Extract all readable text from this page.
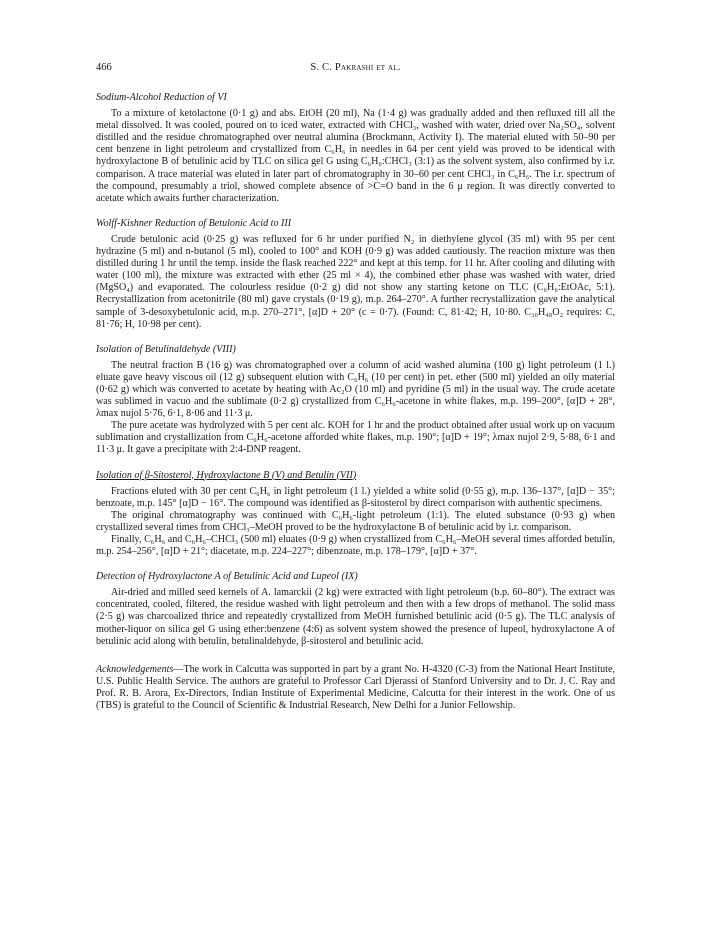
466	S. C. Pakrashi et al.
Sodium-Alcohol Reduction of VI

To a mixture of ketolactone (0·1 g) and abs. EtOH (20 ml), Na (1·4 g) was gradually added and then refluxed till all the metal dissolved. It was cooled, poured on to iced water, extracted with CHCl₃, washed with water, dried over Na₂SO₄, solvent distilled and the residue chromatographed over neutral alumina (Brockmann, Activity I). The material eluted with 50–90 per cent benzene in light petroleum and crystallized from C₆H₆ in needles in 64 per cent yield was proved to be identical with hydroxylactone B of betulinic acid by TLC on silica gel G using C₆H₆:CHCl₃ (3:1) as the solvent system, also confirmed by i.r. comparison. A trace material was eluted in later part of chromatography in 30–60 per cent CHCl₃ in C₆H₆. The i.r. spectrum of the compound, presumably a triol, showed complete absence of >C=O band in the 6 μ region. It was directly converted to acetate which awaits further characterization.

Wolff-Kishner Reduction of Betulonic Acid to III

Crude betulonic acid (0·25 g) was refluxed for 6 hr under purified N₂ in diethylene glycol (35 ml) with 95 per cent hydrazine (5 ml) and n-butanol (5 ml), cooled to 100° and KOH (0·9 g) was added cautiously. The reaction mixture was then distilled during 1 hr until the temp. inside the flask reached 222° and kept at this temp. for 11 hr. After cooling and diluting with water (100 ml), the mixture was extracted with ether (25 ml × 4), the combined ether phase was washed with water, dried (MgSO₄) and evaporated. The colourless residue (0·2 g) did not show any starting ketone on TLC (C₆H₆:EtOAc, 5:1). Recrystallization from acetonitrile (80 ml) gave crystals (0·19 g), m.p. 264–270°. A further recrystallization gave the analytical sample of 3-desoxybetulonic acid, m.p. 270–271°, [α]D + 20° (c = 0·7). (Found: C, 81·42; H, 10·80. C₃₀H₄₈O₂ requires: C, 81·76; H, 10·98 per cent).

Isolation of Betulinaldehyde (VIII)

The neutral fraction B (16 g) was chromatographed over a column of acid washed alumina (100 g) light petroleum (1 l.) eluate gave heavy viscous oil (12 g) subsequent elution with C₆H₆ (10 per cent) in pet. ether (500 ml) yielded an oily material (0·62 g) which was converted to acetate by heating with Ac₂O (10 ml) and pyridine (5 ml) in the usual way. The crude acetate was sublimed in vacuo and the sublimate (0·2 g) crystallized from C₆H₆-acetone in white flakes, m.p. 199–200°, [α]D + 28°, λmax nujol 5·76, 6·1, 8·06 and 11·3 μ.

The pure acetate was hydrolyzed with 5 per cent alc. KOH for 1 hr and the product obtained after usual work up on vacuum sublimation and crystallization from C₆H₆-acetone afforded white flakes, m.p. 190°; [α]D + 19°; λmax nujol 2·9, 5·88, 6·1 and 11·3 μ. It gave a precipitate with 2:4-DNP reagent.

Isolation of β-Sitosterol, Hydroxylactone B (V) and Betulin (VII)

Fractions eluted with 30 per cent C₆H₆ in light petroleum (1 l.) yielded a white solid (0·55 g), m.p. 136–137°, [α]D − 35°; benzoate, m.p. 145° [α]D − 16°. The compound was identified as β-sitosterol by direct comparison with authentic specimens.

The original chromatography was continued with C₆H₆-light petroleum (1:1). The eluted substance (0·93 g) when crystallized several times from CHCl₃–MeOH proved to be the hydroxylactone B of betulinic acid by i.r. comparison.

Finally, C₆H₆ and C₆H₆–CHCl₃ (500 ml) eluates (0·9 g) when crystallized from C₆H₆–MeOH several times afforded betulin, m.p. 254–256°, [α]D + 21°; diacetate, m.p. 224–227°; dibenzoate, m.p. 178–179°, [α]D + 37°.

Detection of Hydroxylactone A of Betulinic Acid and Lupeol (IX)

Air-dried and milled seed kernels of A. lamarckii (2 kg) were extracted with light petroleum (b.p. 60–80°). The extract was concentrated, cooled, filtered, the residue washed with light petroleum and then with a few drops of methanol. The solid mass (2·5 g) was charcoalized thrice and repeatedly crystallized from MeOH furnished betulinic acid (0·5 g). The TLC analysis of mother-liquor on silica gel G using ether:benzene (4:6) as solvent system showed the presence of lupeol, hydroxylactone A of betulinic acid along with betulin, betulinaldehyde, β-sitosterol and betulinic acid.

Acknowledgements—The work in Calcutta was supported in part by a grant No. H-4320 (C-3) from the National Heart Institute, U.S. Public Health Service. The authors are grateful to Professor Carl Djerassi of Stanford University and to Dr. J. C. Ray and Prof. R. B. Arora, Ex-Directors, Indian Institute of Experimental Medicine, Calcutta for their interest in the work. One of us (TBS) is grateful to the Council of Scientific & Industrial Research, New Delhi for a Junior Fellowship.
